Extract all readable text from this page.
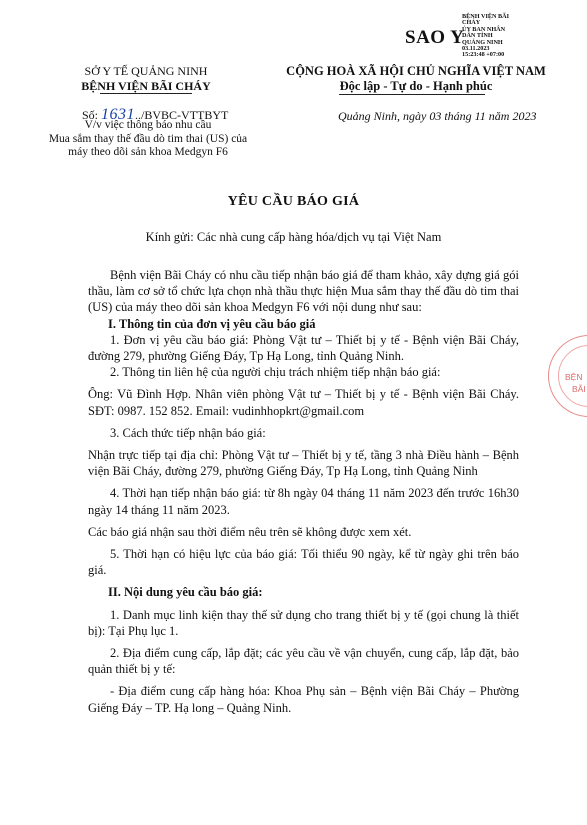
SAO Y
BỆNH VIỆN BÃI
CHÁY
ỦY BAN NHÂN
DÂN TỈNH
QUẢNG NINH
03.11.2023
15:23:48 +07:00
SỞ Y TẾ QUẢNG NINH
BỆNH VIỆN BÃI CHÁY
CỘNG HOÀ XÃ HỘI CHỦ NGHĨA VIỆT NAM
Độc lập - Tự do - Hạnh phúc
Số: 1631../BVBC-VTTBYT
V/v việc thông báo nhu cầu
Mua sắm thay thế đầu dò tim thai (US) của
máy theo dõi sản khoa Medgyn F6
Quảng Ninh, ngày 03 tháng 11 năm 2023
YÊU CẦU BÁO GIÁ
Kính gửi: Các nhà cung cấp hàng hóa/dịch vụ tại Việt Nam

Bệnh viện Bãi Cháy có nhu cầu tiếp nhận báo giá để tham khảo, xây dựng giá gói thầu, làm cơ sở tổ chức lựa chọn nhà thầu thực hiện Mua sắm thay thế đầu dò tim thai (US) của máy theo dõi sản khoa Medgyn F6 với nội dung như sau:

I. Thông tin của đơn vị yêu cầu báo giá

1. Đơn vị yêu cầu báo giá: Phòng Vật tư – Thiết bị y tế - Bệnh viện Bãi Cháy, đường 279, phường Giếng Đáy, Tp Hạ Long, tỉnh Quảng Ninh.

2. Thông tin liên hệ của người chịu trách nhiệm tiếp nhận báo giá:

Ông: Vũ Đình Hợp. Nhân viên phòng Vật tư – Thiết bị y tế - Bệnh viện Bãi Cháy. SĐT: 0987. 152 852. Email: vudinhhopkrt@gmail.com

3. Cách thức tiếp nhận báo giá:

Nhận trực tiếp tại địa chỉ: Phòng Vật tư – Thiết bị y tế, tầng 3 nhà Điều hành – Bệnh viện Bãi Cháy, đường 279, phường Giếng Đáy, Tp Hạ Long, tỉnh Quảng Ninh

4. Thời hạn tiếp nhận báo giá: từ 8h ngày 04 tháng 11 năm 2023 đến trước 16h30 ngày 14 tháng 11 năm 2023.

Các báo giá nhận sau thời điểm nêu trên sẽ không được xem xét.

5. Thời hạn có hiệu lực của báo giá: Tối thiểu 90 ngày, kể từ ngày ghi trên báo giá.

II. Nội dung yêu cầu báo giá:

1. Danh mục linh kiện thay thế sử dụng cho trang thiết bị y tế (gọi chung là thiết bị): Tại Phụ lục 1.

2. Địa điểm cung cấp, lắp đặt; các yêu cầu về vận chuyển, cung cấp, lắp đặt, bảo quản thiết bị y tế:

- Địa điểm cung cấp hàng hóa: Khoa Phụ sản – Bệnh viện Bãi Cháy – Phường Giếng Đáy – TP. Hạ long – Quảng Ninh.

BỆN
BÃI
